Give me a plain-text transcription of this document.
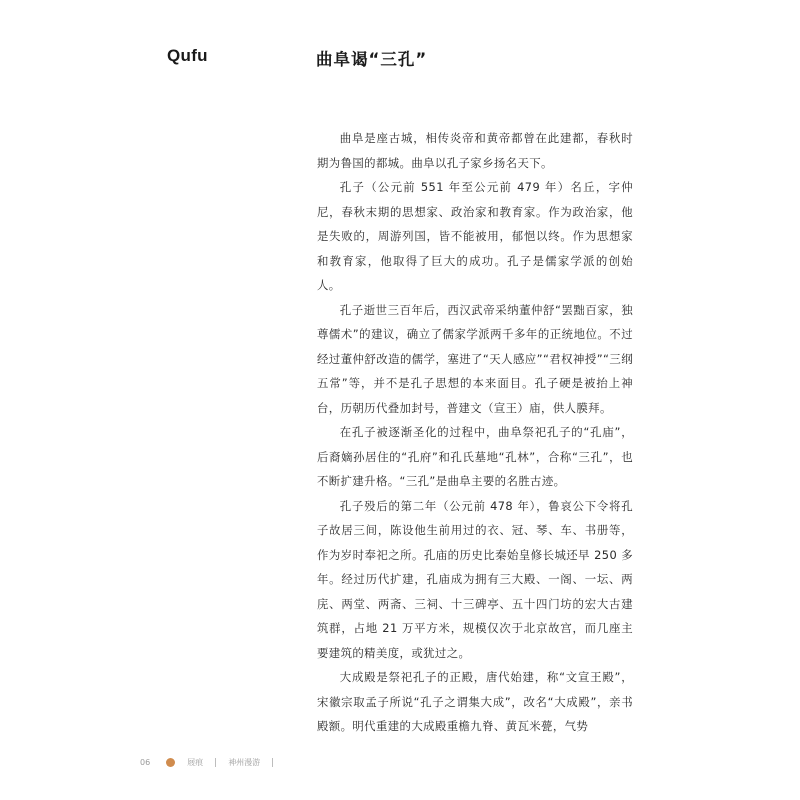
Qufu	曲阜谒“三孔”

曲阜是座古城，相传炎帝和黄帝都曾在此建都，春秋时期为鲁国的都城。曲阜以孔子家乡扬名天下。

孔子（公元前 551 年至公元前 479 年）名丘，字仲尼，春秋末期的思想家、政治家和教育家。作为政治家，他是失败的，周游列国，皆不能被用，郁悒以终。作为思想家和教育家，他取得了巨大的成功。孔子是儒家学派的创始人。

孔子逝世三百年后，西汉武帝采纳董仲舒“罢黜百家，独尊儒术”的建议，确立了儒家学派两千多年的正统地位。不过经过董仲舒改造的儒学，塞进了“天人感应”“君权神授”“三纲五常”等，并不是孔子思想的本来面目。孔子硬是被抬上神台，历朝历代叠加封号，普建文（宣王）庙，供人膜拜。

在孔子被逐渐圣化的过程中，曲阜祭祀孔子的“孔庙”，后裔嫡孙居住的“孔府”和孔氏墓地“孔林”，合称“三孔”，也不断扩建升格。“三孔”是曲阜主要的名胜古迹。

孔子殁后的第二年（公元前 478 年），鲁哀公下令将孔子故居三间，陈设他生前用过的衣、冠、琴、车、书册等，作为岁时奉祀之所。孔庙的历史比秦始皇修长城还早 250 多年。经过历代扩建，孔庙成为拥有三大殿、一阁、一坛、两庑、两堂、两斋、三祠、十三碑亭、五十四门坊的宏大古建筑群，占地 21 万平方米，规模仅次于北京故宫，而几座主要建筑的精美度，或犹过之。

大成殿是祭祀孔子的正殿，唐代始建，称“文宣王殿”，宋徽宗取孟子所说“孔子之谓集大成”，改名“大成殿”，亲书殿额。明代重建的大成殿重檐九脊、黄瓦米甍，气势

06	屐痕	神州漫游
